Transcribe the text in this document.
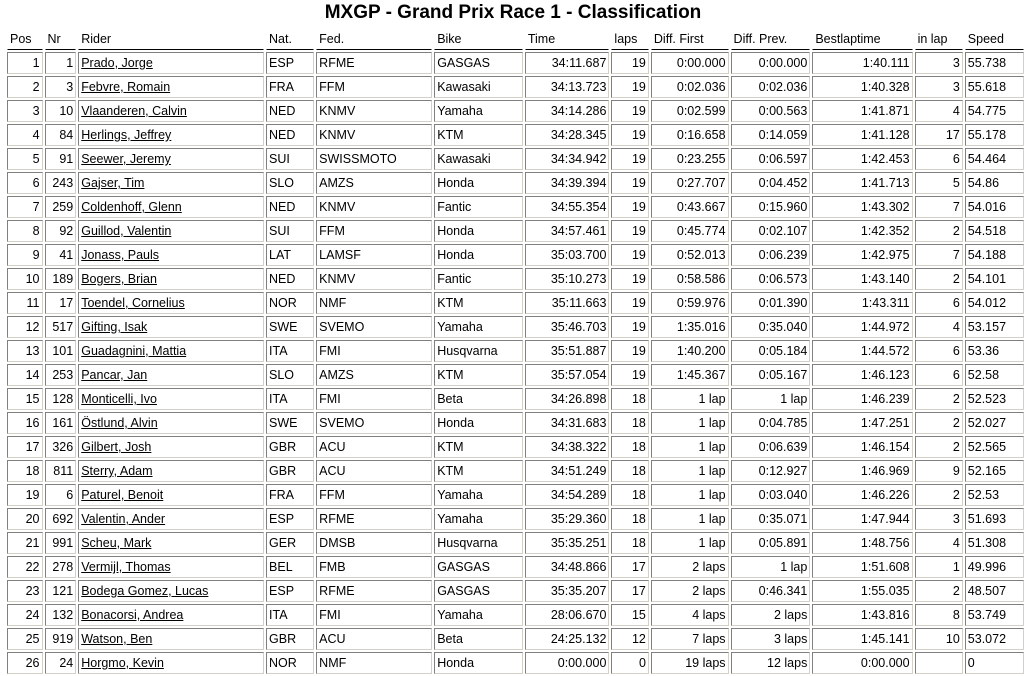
MXGP - Grand Prix Race 1 - Classification
Pos	Nr	Rider	Nat.	Fed.	Bike	Time	laps	Diff. First	Diff. Prev.	Bestlaptime	in lap	Speed
1	1	Prado, Jorge	ESP	RFME	GASGAS	34:11.687	19	0:00.000	0:00.000	1:40.111	3	55.738
2	3	Febvre, Romain	FRA	FFM	Kawasaki	34:13.723	19	0:02.036	0:02.036	1:40.328	3	55.618
3	10	Vlaanderen, Calvin	NED	KNMV	Yamaha	34:14.286	19	0:02.599	0:00.563	1:41.871	4	54.775
4	84	Herlings, Jeffrey	NED	KNMV	KTM	34:28.345	19	0:16.658	0:14.059	1:41.128	17	55.178
5	91	Seewer, Jeremy	SUI	SWISSMOTO	Kawasaki	34:34.942	19	0:23.255	0:06.597	1:42.453	6	54.464
6	243	Gajser, Tim	SLO	AMZS	Honda	34:39.394	19	0:27.707	0:04.452	1:41.713	5	54.86
7	259	Coldenhoff, Glenn	NED	KNMV	Fantic	34:55.354	19	0:43.667	0:15.960	1:43.302	7	54.016
8	92	Guillod, Valentin	SUI	FFM	Honda	34:57.461	19	0:45.774	0:02.107	1:42.352	2	54.518
9	41	Jonass, Pauls	LAT	LAMSF	Honda	35:03.700	19	0:52.013	0:06.239	1:42.975	7	54.188
10	189	Bogers, Brian	NED	KNMV	Fantic	35:10.273	19	0:58.586	0:06.573	1:43.140	2	54.101
11	17	Toendel, Cornelius	NOR	NMF	KTM	35:11.663	19	0:59.976	0:01.390	1:43.311	6	54.012
12	517	Gifting, Isak	SWE	SVEMO	Yamaha	35:46.703	19	1:35.016	0:35.040	1:44.972	4	53.157
13	101	Guadagnini, Mattia	ITA	FMI	Husqvarna	35:51.887	19	1:40.200	0:05.184	1:44.572	6	53.36
14	253	Pancar, Jan	SLO	AMZS	KTM	35:57.054	19	1:45.367	0:05.167	1:46.123	6	52.58
15	128	Monticelli, Ivo	ITA	FMI	Beta	34:26.898	18	1 lap	1 lap	1:46.239	2	52.523
16	161	Östlund, Alvin	SWE	SVEMO	Honda	34:31.683	18	1 lap	0:04.785	1:47.251	2	52.027
17	326	Gilbert, Josh	GBR	ACU	KTM	34:38.322	18	1 lap	0:06.639	1:46.154	2	52.565
18	811	Sterry, Adam	GBR	ACU	KTM	34:51.249	18	1 lap	0:12.927	1:46.969	9	52.165
19	6	Paturel, Benoit	FRA	FFM	Yamaha	34:54.289	18	1 lap	0:03.040	1:46.226	2	52.53
20	692	Valentin, Ander	ESP	RFME	Yamaha	35:29.360	18	1 lap	0:35.071	1:47.944	3	51.693
21	991	Scheu, Mark	GER	DMSB	Husqvarna	35:35.251	18	1 lap	0:05.891	1:48.756	4	51.308
22	278	Vermijl, Thomas	BEL	FMB	GASGAS	34:48.866	17	2 laps	1 lap	1:51.608	1	49.996
23	121	Bodega Gomez, Lucas	ESP	RFME	GASGAS	35:35.207	17	2 laps	0:46.341	1:55.035	2	48.507
24	132	Bonacorsi, Andrea	ITA	FMI	Yamaha	28:06.670	15	4 laps	2 laps	1:43.816	8	53.749
25	919	Watson, Ben	GBR	ACU	Beta	24:25.132	12	7 laps	3 laps	1:45.141	10	53.072
26	24	Horgmo, Kevin	NOR	NMF	Honda	0:00.000	0	19 laps	12 laps	0:00.000		0
